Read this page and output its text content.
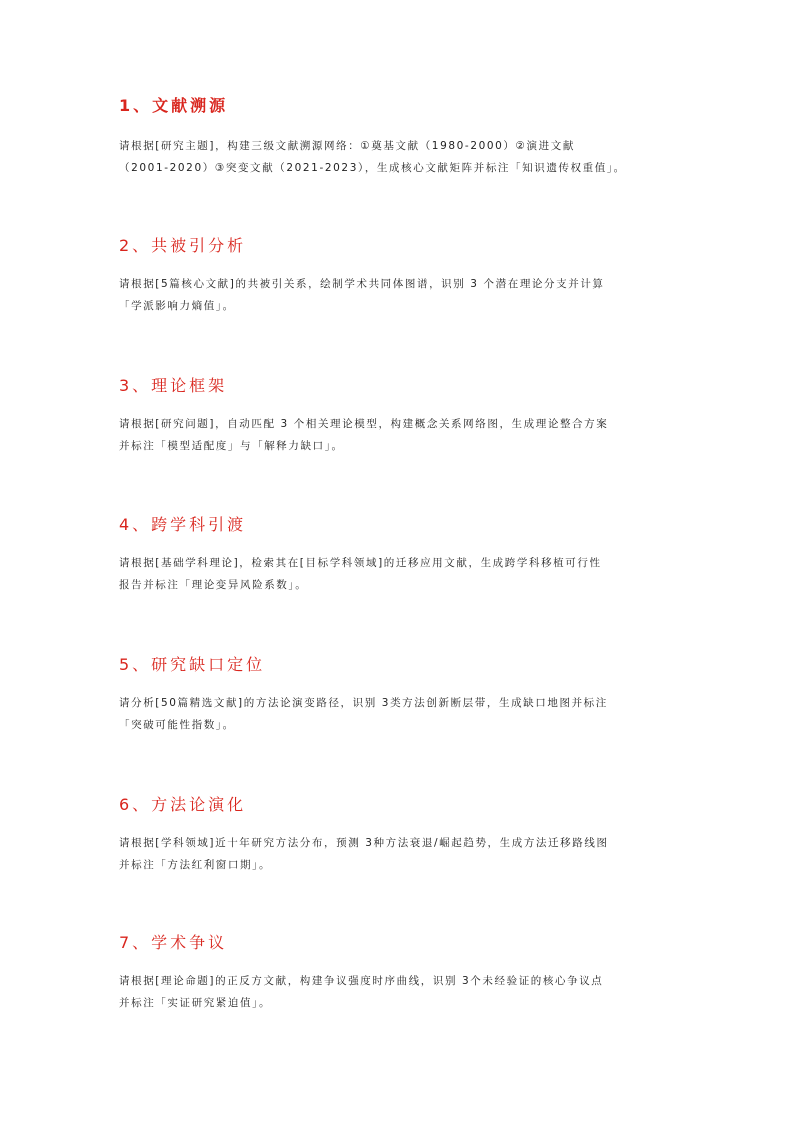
1、文献溯源

请根据[研究主题]，构建三级文献溯源网络：①奠基文献（1980-2000）②演进文献
（2001-2020）③突变文献（2021-2023），生成核心文献矩阵并标注「知识遗传权重值」。

2、共被引分析

请根据[5篇核心文献]的共被引关系，绘制学术共同体图谱，识别 3 个潜在理论分支并计算
「学派影响力熵值」。

3、理论框架

请根据[研究问题]，自动匹配 3 个相关理论模型，构建概念关系网络图，生成理论整合方案
并标注「模型适配度」与「解释力缺口」。

4、跨学科引渡

请根据[基础学科理论]，检索其在[目标学科领域]的迁移应用文献，生成跨学科移植可行性
报告并标注「理论变异风险系数」。

5、研究缺口定位

请分析[50篇精选文献]的方法论演变路径，识别 3类方法创新断层带，生成缺口地图并标注
「突破可能性指数」。

6、方法论演化

请根据[学科领域]近十年研究方法分布，预测 3种方法衰退/崛起趋势，生成方法迁移路线图
并标注「方法红利窗口期」。

7、学术争议

请根据[理论命题]的正反方文献，构建争议强度时序曲线，识别 3个未经验证的核心争议点
并标注「实证研究紧迫值」。
